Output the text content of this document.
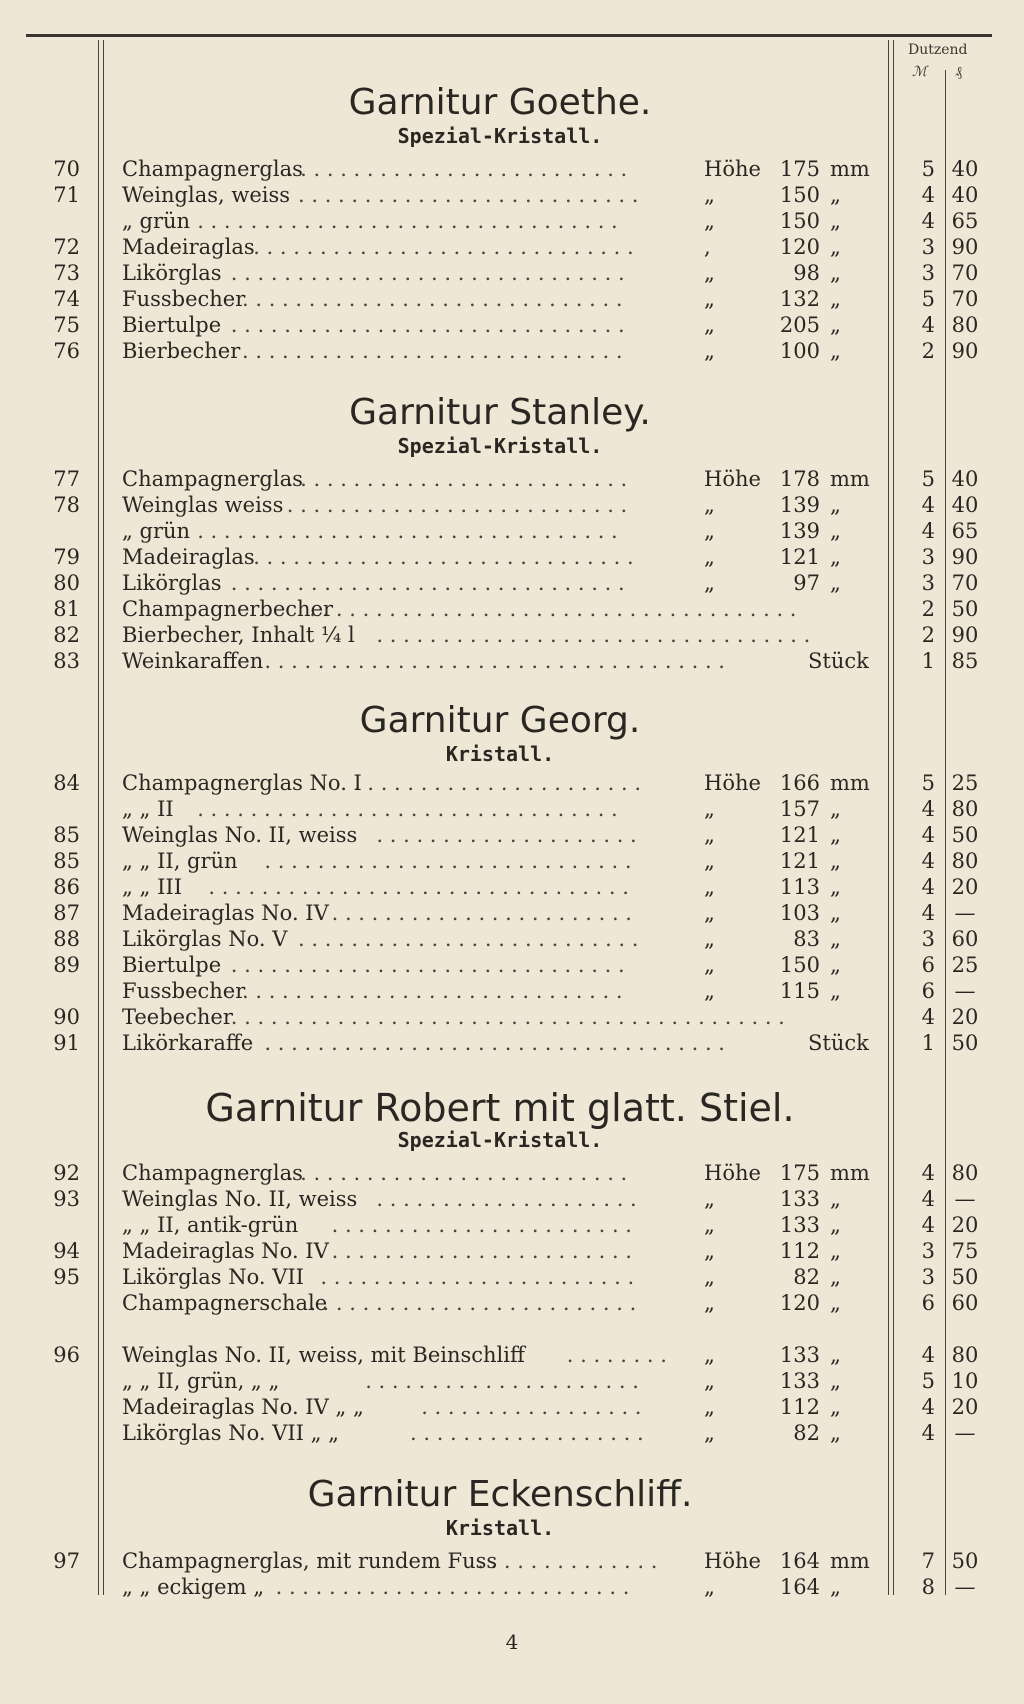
Dutzend
ℳ ₰
Garnitur Goethe.
Spezial-Kristall.
. . . . . . . . . . . . . . . . . . . . . . . . . .
70 Champagnerglas	Höhe 175 mm	5 40
. . . . . . . . . . . . . . . . . . . . . . . . . .
71 Weinglas, weiss	„	150 „	4 40
. . . . . . . . . . . . . . . . . . . . . . . . . . . . . . . .
„ grün	„	150 „	4 65
. . . . . . . . . . . . . . . . . . . . . . . . . . . . .
72 Madeiraglas	,	120 „	3 90
. . . . . . . . . . . . . . . . . . . . . . . . . . . . . .
73 Likörglas	„	98 „	3 70
. . . . . . . . . . . . . . . . . . . . . . . . . . . . .
74 Fussbecher	„	132 „	5 70
. . . . . . . . . . . . . . . . . . . . . . . . . . . . . .
75 Biertulpe	„	205 „	4 80
. . . . . . . . . . . . . . . . . . . . . . . . . . . . .
76 Bierbecher	„	100 „	2 90
Garnitur Stanley.
Spezial-Kristall.
. . . . . . . . . . . . . . . . . . . . . . . . . .
77 Champagnerglas	Höhe 178 mm	5 40
. . . . . . . . . . . . . . . . . . . . . . . . . .
78 Weinglas weiss	„	139 „	4 40
. . . . . . . . . . . . . . . . . . . . . . . . . . . . . . . .
„ grün	„	139 „	4 65
. . . . . . . . . . . . . . . . . . . . . . . . . . . . .
79 Madeiraglas	„	121 „	3 90
. . . . . . . . . . . . . . . . . . . . . . . . . . . . . .
80 Likörglas	„	97 „	3 70
. . . . . . . . . . . . . . . . . . . . . . . . . . . . . . . . . . . . .
81 Champagnerbecher	2 50
. . . . . . . . . . . . . . . . . . . . . . . . . . . . . . . . .
82 Bierbecher, Inhalt ¼ l	2 90
. . . . . . . . . . . . . . . . . . . . . . . . . . . . . . . . . . .
83 Weinkaraffen	Stück	1 85
Garnitur Georg.
Kristall.
. . . . . . . . . . . . . . . . . . . . . .
84 Champagnerglas No. I	Höhe 166 mm	5 25
. . . . . . . . . . . . . . . . . . . . . . . . . . . . . . . .
„ „ II	„	157 „	4 80
. . . . . . . . . . . . . . . . . . . .
85 Weinglas No. II, weiss	„	121 „	4 50
. . . . . . . . . . . . . . . . . . . . . . . . . . . .
85 „ „ II, grün	„	121 „	4 80
. . . . . . . . . . . . . . . . . . . . . . . . . . . . . . . .
86 „ „ III	„	113 „	4 20
. . . . . . . . . . . . . . . . . . . . . . .
87 Madeiraglas No. IV	„	103 „	4 —
. . . . . . . . . . . . . . . . . . . . . . . . . .
88 Likörglas No. V	„	83 „	3 60
. . . . . . . . . . . . . . . . . . . . . . . . . . . . . .
89 Biertulpe	„	150 „	6 25
. . . . . . . . . . . . . . . . . . . . . . . . . . . . .
Fussbecher	„	115 „	6 —
. . . . . . . . . . . . . . . . . . . . . . . . . . . . . . . . . . . . . . . . . .
90 Teebecher	4 20
. . . . . . . . . . . . . . . . . . . . . . . . . . . . . . . . . . .
91 Likörkaraffe	Stück	1 50
Garnitur Robert mit glatt. Stiel.
Spezial-Kristall.
. . . . . . . . . . . . . . . . . . . . . . . . . .
92 Champagnerglas	Höhe 175 mm	4 80
. . . . . . . . . . . . . . . . . . . .
93 Weinglas No. II, weiss	„	133 „	4 —
. . . . . . . . . . . . . . . . . . . . . . .
„ „ II, antik-grün	„	133 „	4 20
. . . . . . . . . . . . . . . . . . . . . . .
94 Madeiraglas No. IV	„	112 „	3 75
. . . . . . . . . . . . . . . . . . . . . . . .
95 Likörglas No. VII	„	82 „	3 50
. . . . . . . . . . . . . . . . . . . . . . . . .
Champagnerschale	„	120 „	6 60
. . . . . . . .
96 Weinglas No. II, weiss, mit Beinschliff	„	133 „	4 80
. . . . . . . . . . . . . . . . . . . . .
„ „ II, grün, „ „	„	133 „	5 10
. . . . . . . . . . . . . . . . .
Madeiraglas No. IV „ „	„	112 „	4 20
. . . . . . . . . . . . . . . . . .
Likörglas No. VII „ „	„	82 „	4 —
Garnitur Eckenschliff.
Kristall.
. . . . . . . . . . . . . .
97 Champagnerglas, mit rundem Fuss	Höhe 164 mm	7 50
. . . . . . . . . . . . . . . . . . . . . . . . . . .
„ „ eckigem „	„	164 „	8 —
4
